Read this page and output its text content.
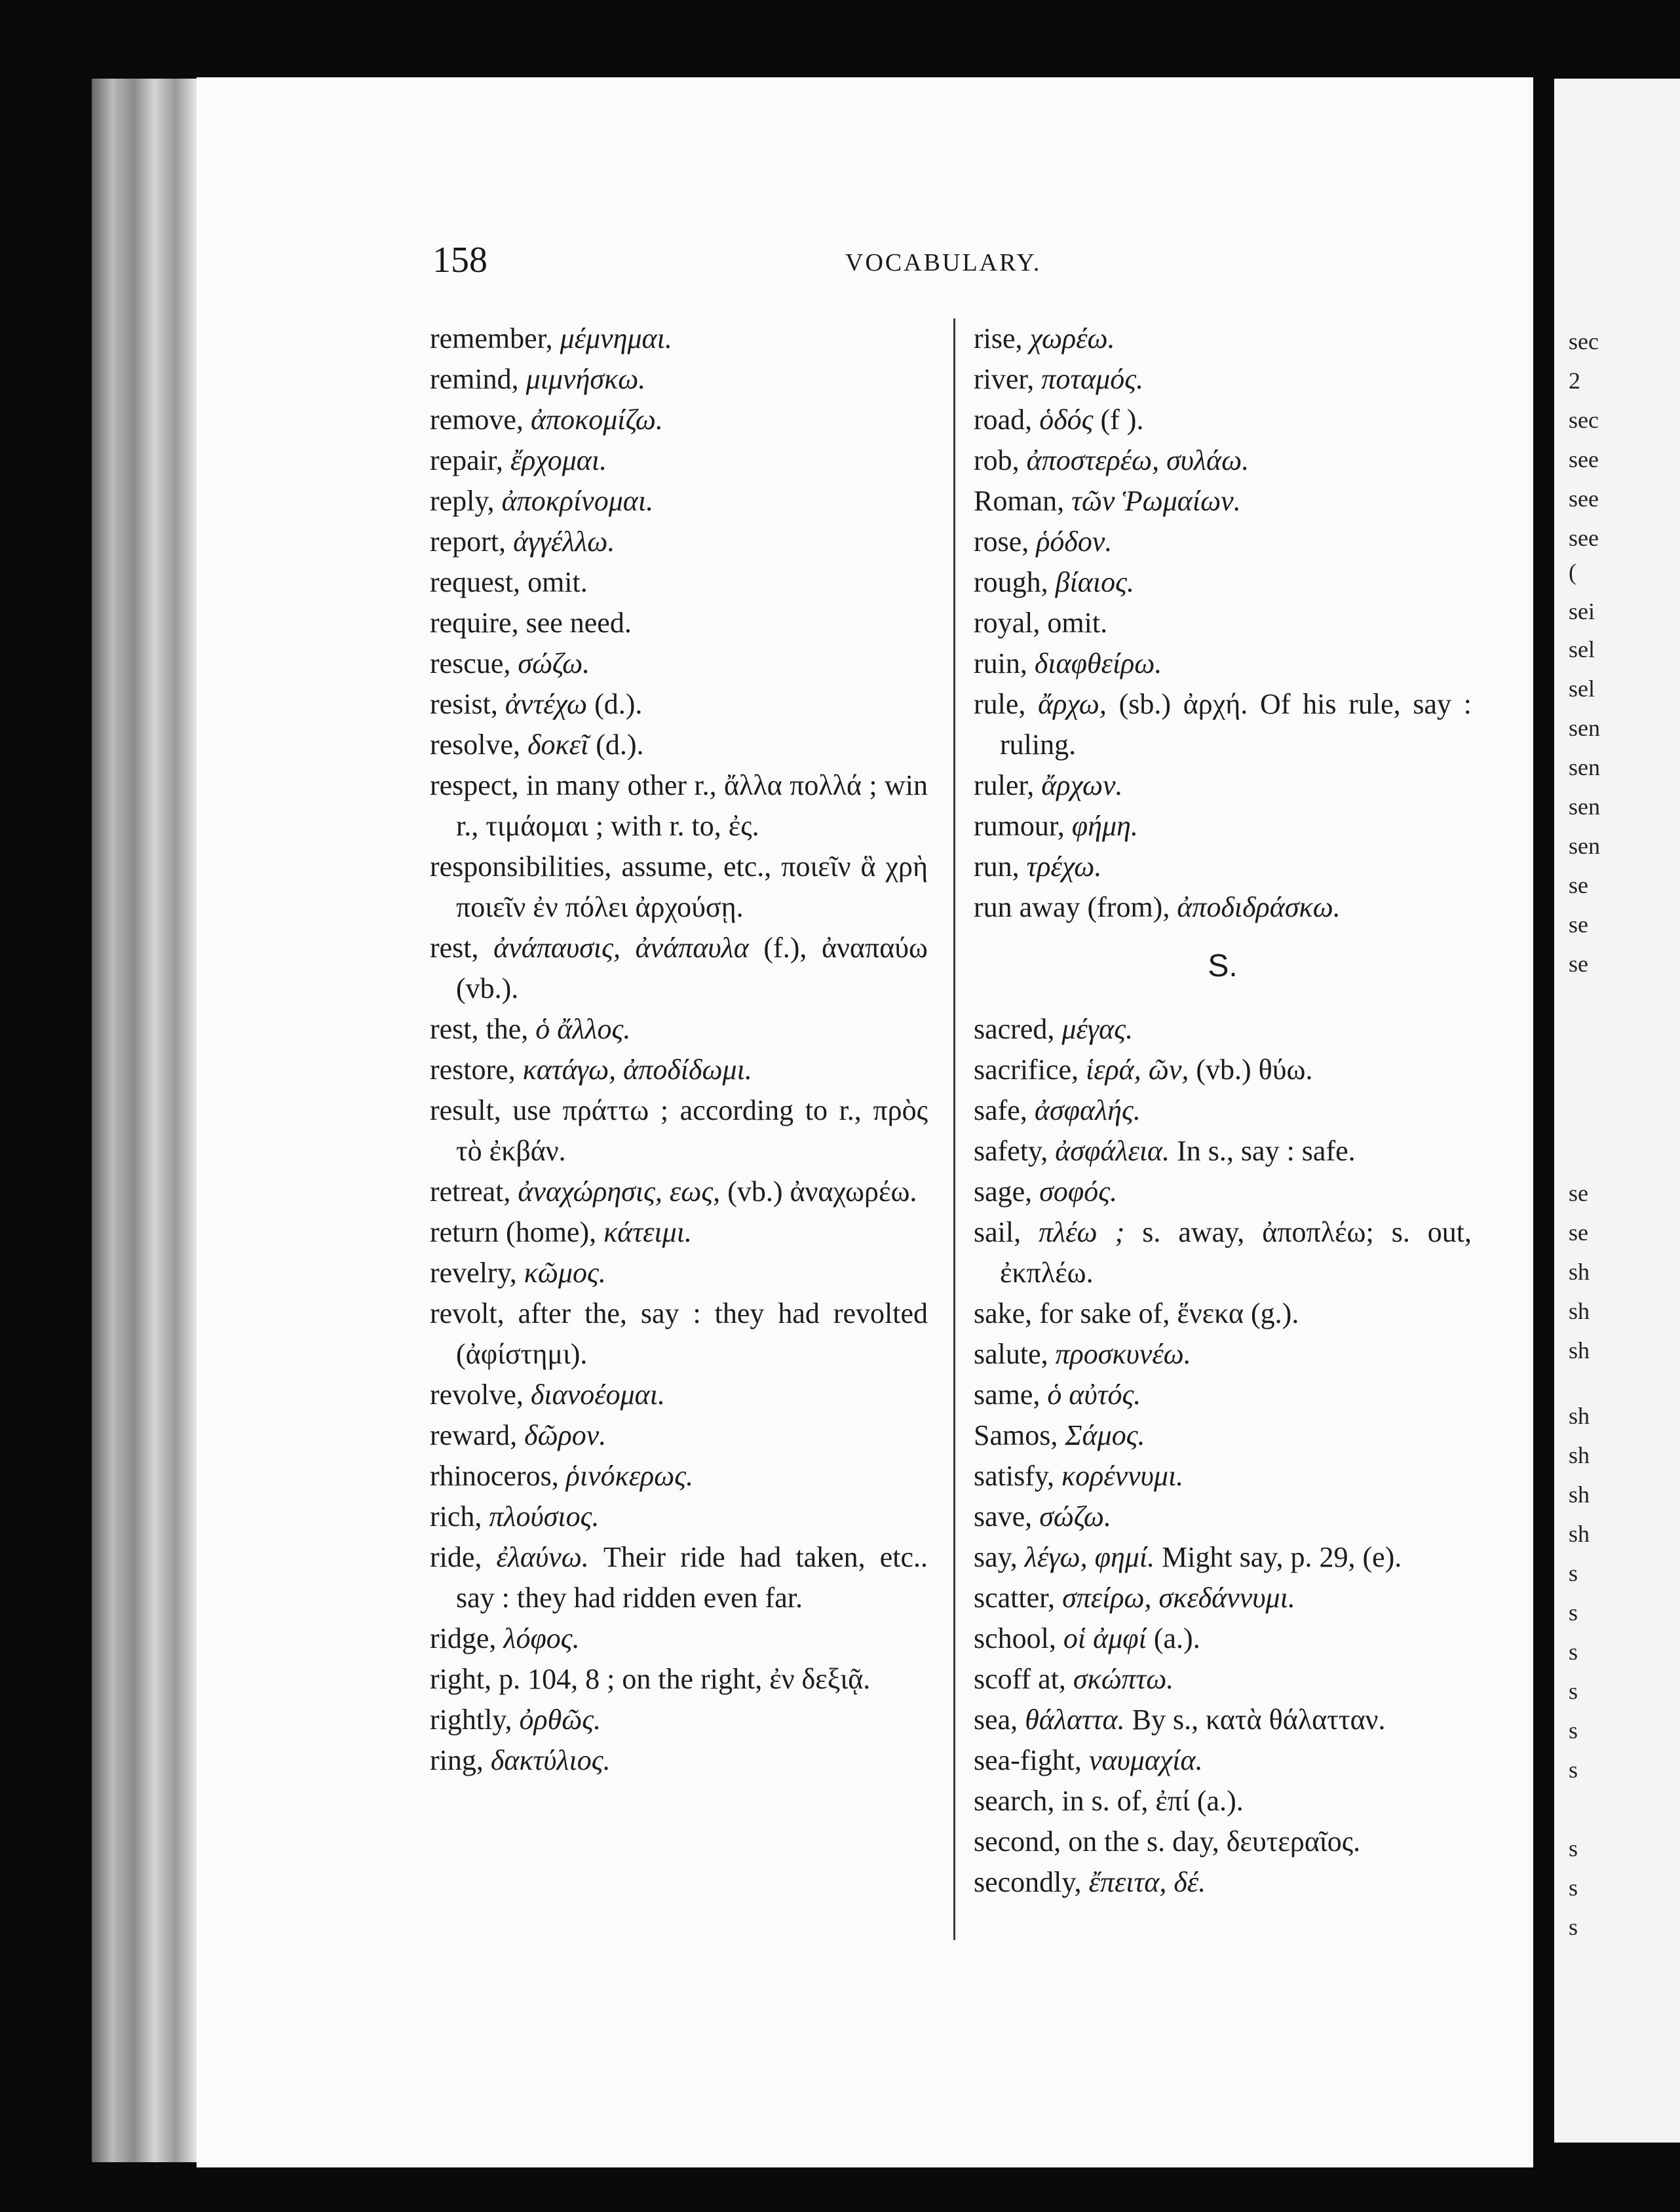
sec
2
sec
see
see
see
(
sei
sel
sel
sen
sen
sen
sen
se
se
se
se
se
sh
sh
sh
sh
sh
sh
sh
s
s
s
s
s
s
s
s
s
158	VOCABULARY.
remember, μέμνημαι.
remind, μιμνήσκω.
remove, ἀποκομίζω.
repair, ἔρχομαι.
reply, ἀποκρίνομαι.
report, ἀγγέλλω.
request, omit.
require, see need.
rescue, σώζω.
resist, ἀντέχω (d.).
resolve, δοκεῖ (d.).
respect, in many other r., ἄλλα πολλά ; win r., τιμάομαι ; with r. to, ἐς.
responsibilities, assume, etc., ποιεῖν ἃ χρὴ ποιεῖν ἐν πόλει ἀρχούσῃ.
rest, ἀνάπαυσις, ἀνάπαυλα (f.), ἀναπαύω (vb.).
rest, the, ὁ ἄλλος.
restore, κατάγω, ἀποδίδωμι.
result, use πράττω ; according to r., πρὸς τὸ ἐκβάν.
retreat, ἀναχώρησις, εως, (vb.) ἀναχωρέω.
return (home), κάτειμι.
revelry, κῶμος.
revolt, after the, say : they had revolted (ἀφίστημι).
revolve, διανοέομαι.
reward, δῶρον.
rhinoceros, ῥινόκερως.
rich, πλούσιος.
ride, ἐλαύνω. Their ride had taken, etc.. say : they had ridden even far.
ridge, λόφος.
right, p. 104, 8 ; on the right, ἐν δεξιᾷ.
rightly, ὀρθῶς.
ring, δακτύλιος.
rise, χωρέω.
river, ποταμός.
road, ὁδός (f ).
rob, ἀποστερέω, συλάω.
Roman, τῶν Ῥωμαίων.
rose, ῥόδον.
rough, βίαιος.
royal, omit.
ruin, διαφθείρω.
rule, ἄρχω, (sb.) ἀρχή. Of his rule, say : ruling.
ruler, ἄρχων.
rumour, φήμη.
run, τρέχω.
run away (from), ἀποδιδράσκω.
S.
sacred, μέγας.
sacrifice, ἱερά, ῶν, (vb.) θύω.
safe, ἀσφαλής.
safety, ἀσφάλεια. In s., say : safe.
sage, σοφός.
sail, πλέω ; s. away, ἀποπλέω; s. out, ἐκπλέω.
sake, for sake of, ἕνεκα (g.).
salute, προσκυνέω.
same, ὁ αὐτός.
Samos, Σάμος.
satisfy, κορέννυμι.
save, σώζω.
say, λέγω, φημί. Might say, p. 29, (e).
scatter, σπείρω, σκεδάννυμι.
school, οἱ ἀμφί (a.).
scoff at, σκώπτω.
sea, θάλαττα. By s., κατὰ θάλατταν.
sea-fight, ναυμαχία.
search, in s. of, ἐπί (a.).
second, on the s. day, δευτεραῖος.
secondly, ἔπειτα, δέ.
